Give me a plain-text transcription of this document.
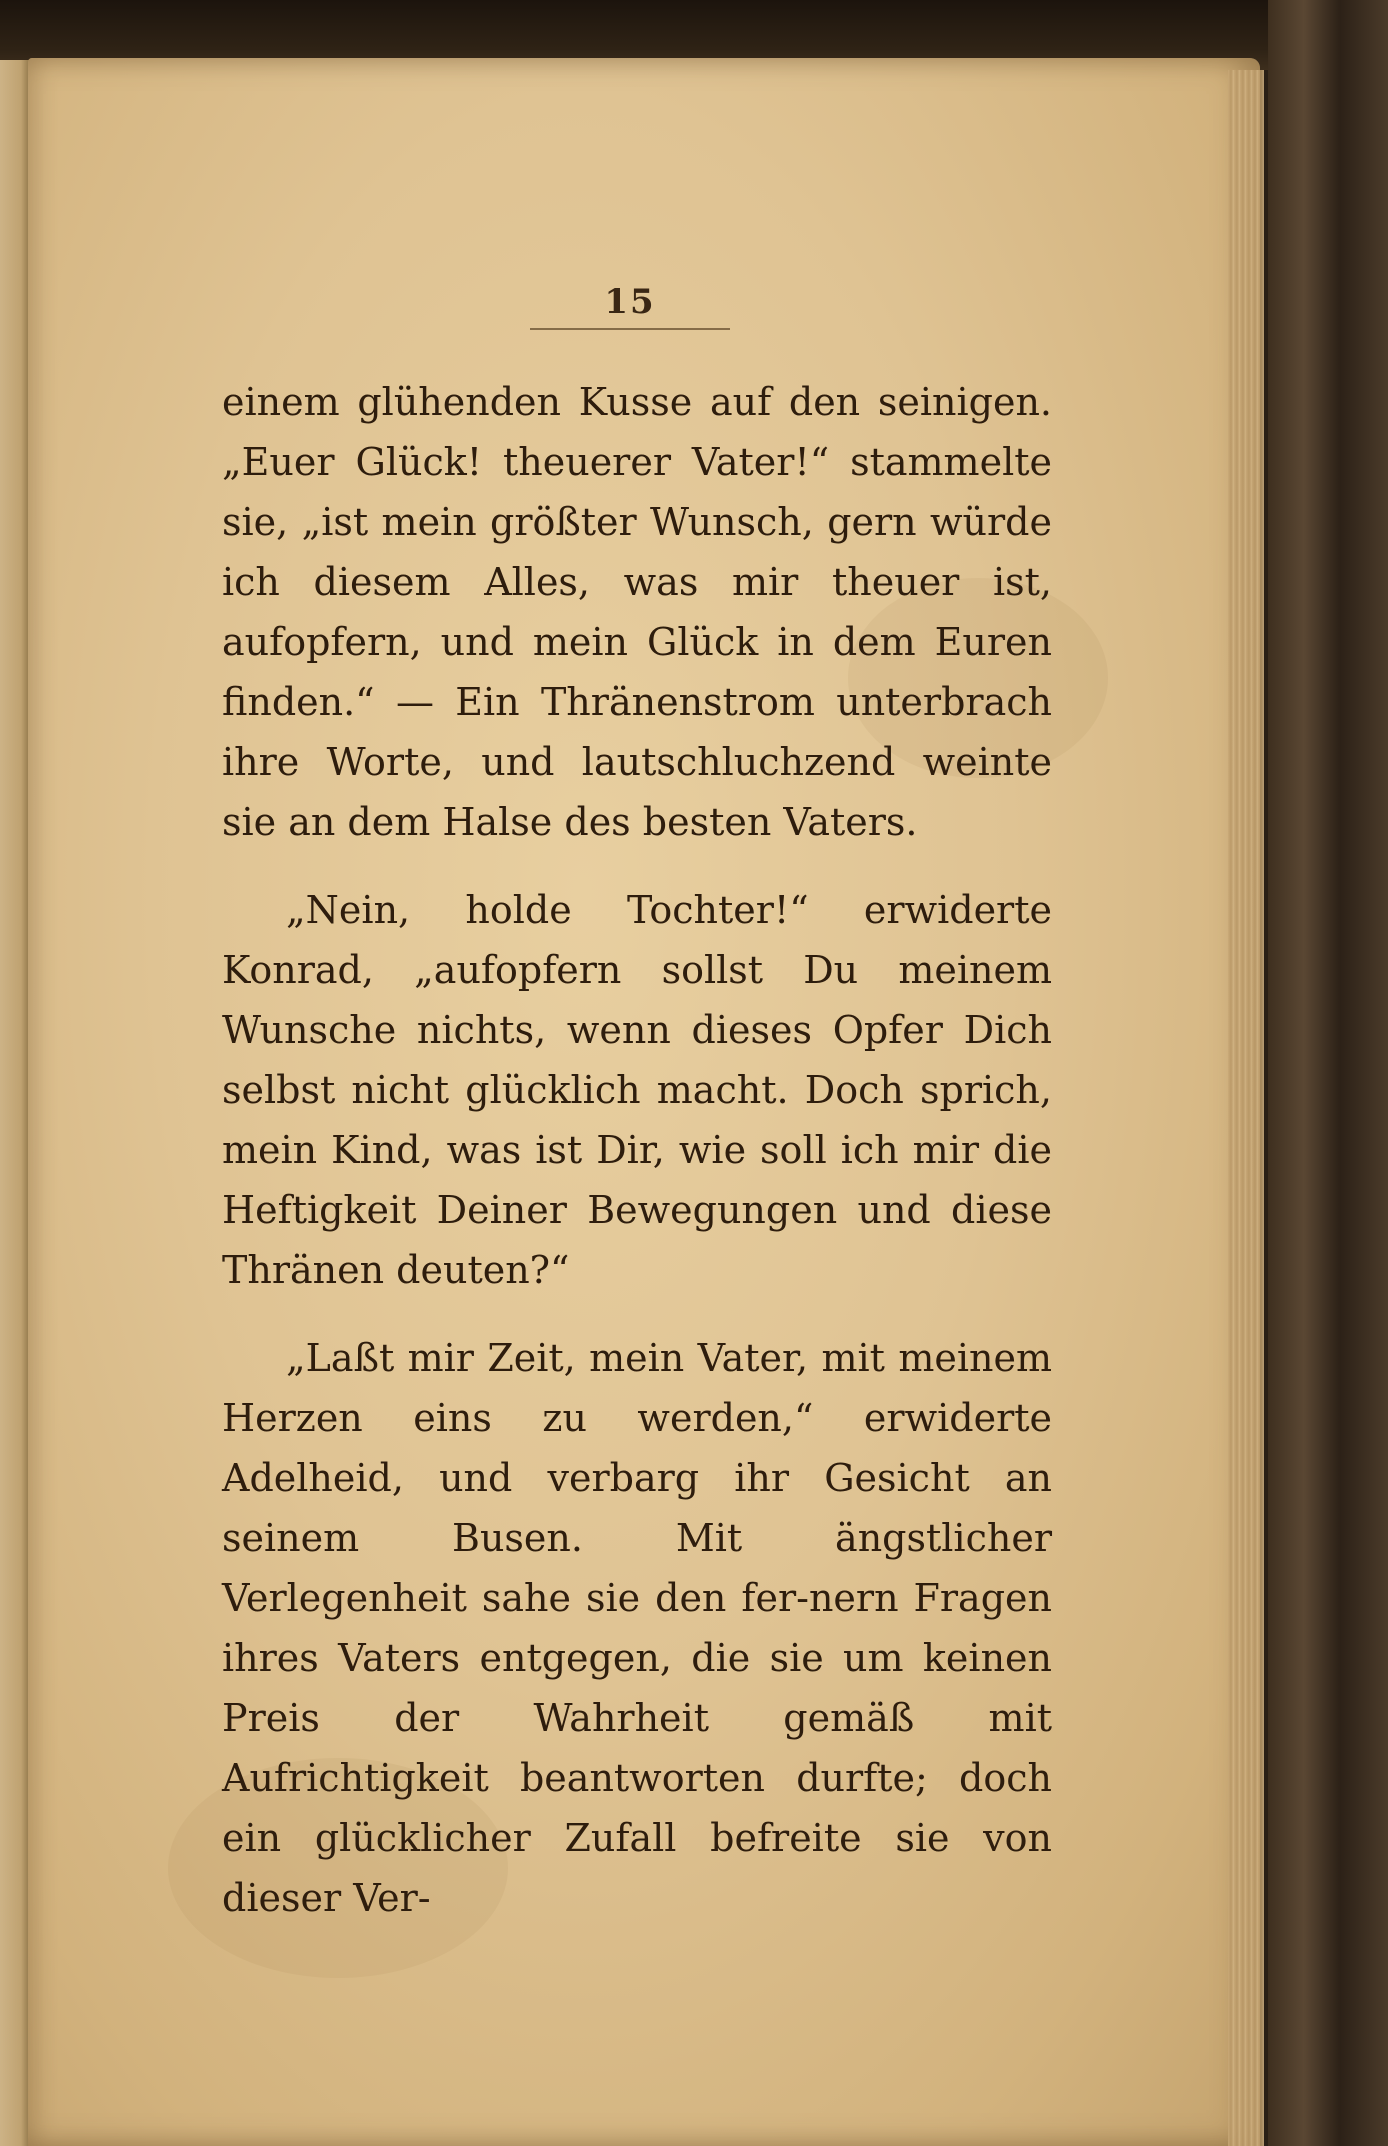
15

einem glühenden Kusse auf den seinigen. „Euer Glück! theuerer Vater!“ stammelte sie, „ist mein größter Wunsch, gern würde ich diesem Alles, was mir theuer ist, aufopfern, und mein Glück in dem Euren finden.“ — Ein Thränenstrom unterbrach ihre Worte, und lautschluchzend weinte sie an dem Halse des besten Vaters.

„Nein, holde Tochter!“ erwiderte Konrad, „aufopfern sollst Du meinem Wunsche nichts, wenn dieses Opfer Dich selbst nicht glücklich macht. Doch sprich, mein Kind, was ist Dir, wie soll ich mir die Heftigkeit Deiner Bewegungen und diese Thränen deuten?“

„Laßt mir Zeit, mein Vater, mit meinem Herzen eins zu werden,“ erwiderte Adelheid, und verbarg ihr Gesicht an seinem Busen. Mit ängstlicher Verlegenheit sahe sie den fer-nern Fragen ihres Vaters entgegen, die sie um keinen Preis der Wahrheit gemäß mit Aufrichtigkeit beantworten durfte; doch ein glücklicher Zufall befreite sie von dieser Ver-
